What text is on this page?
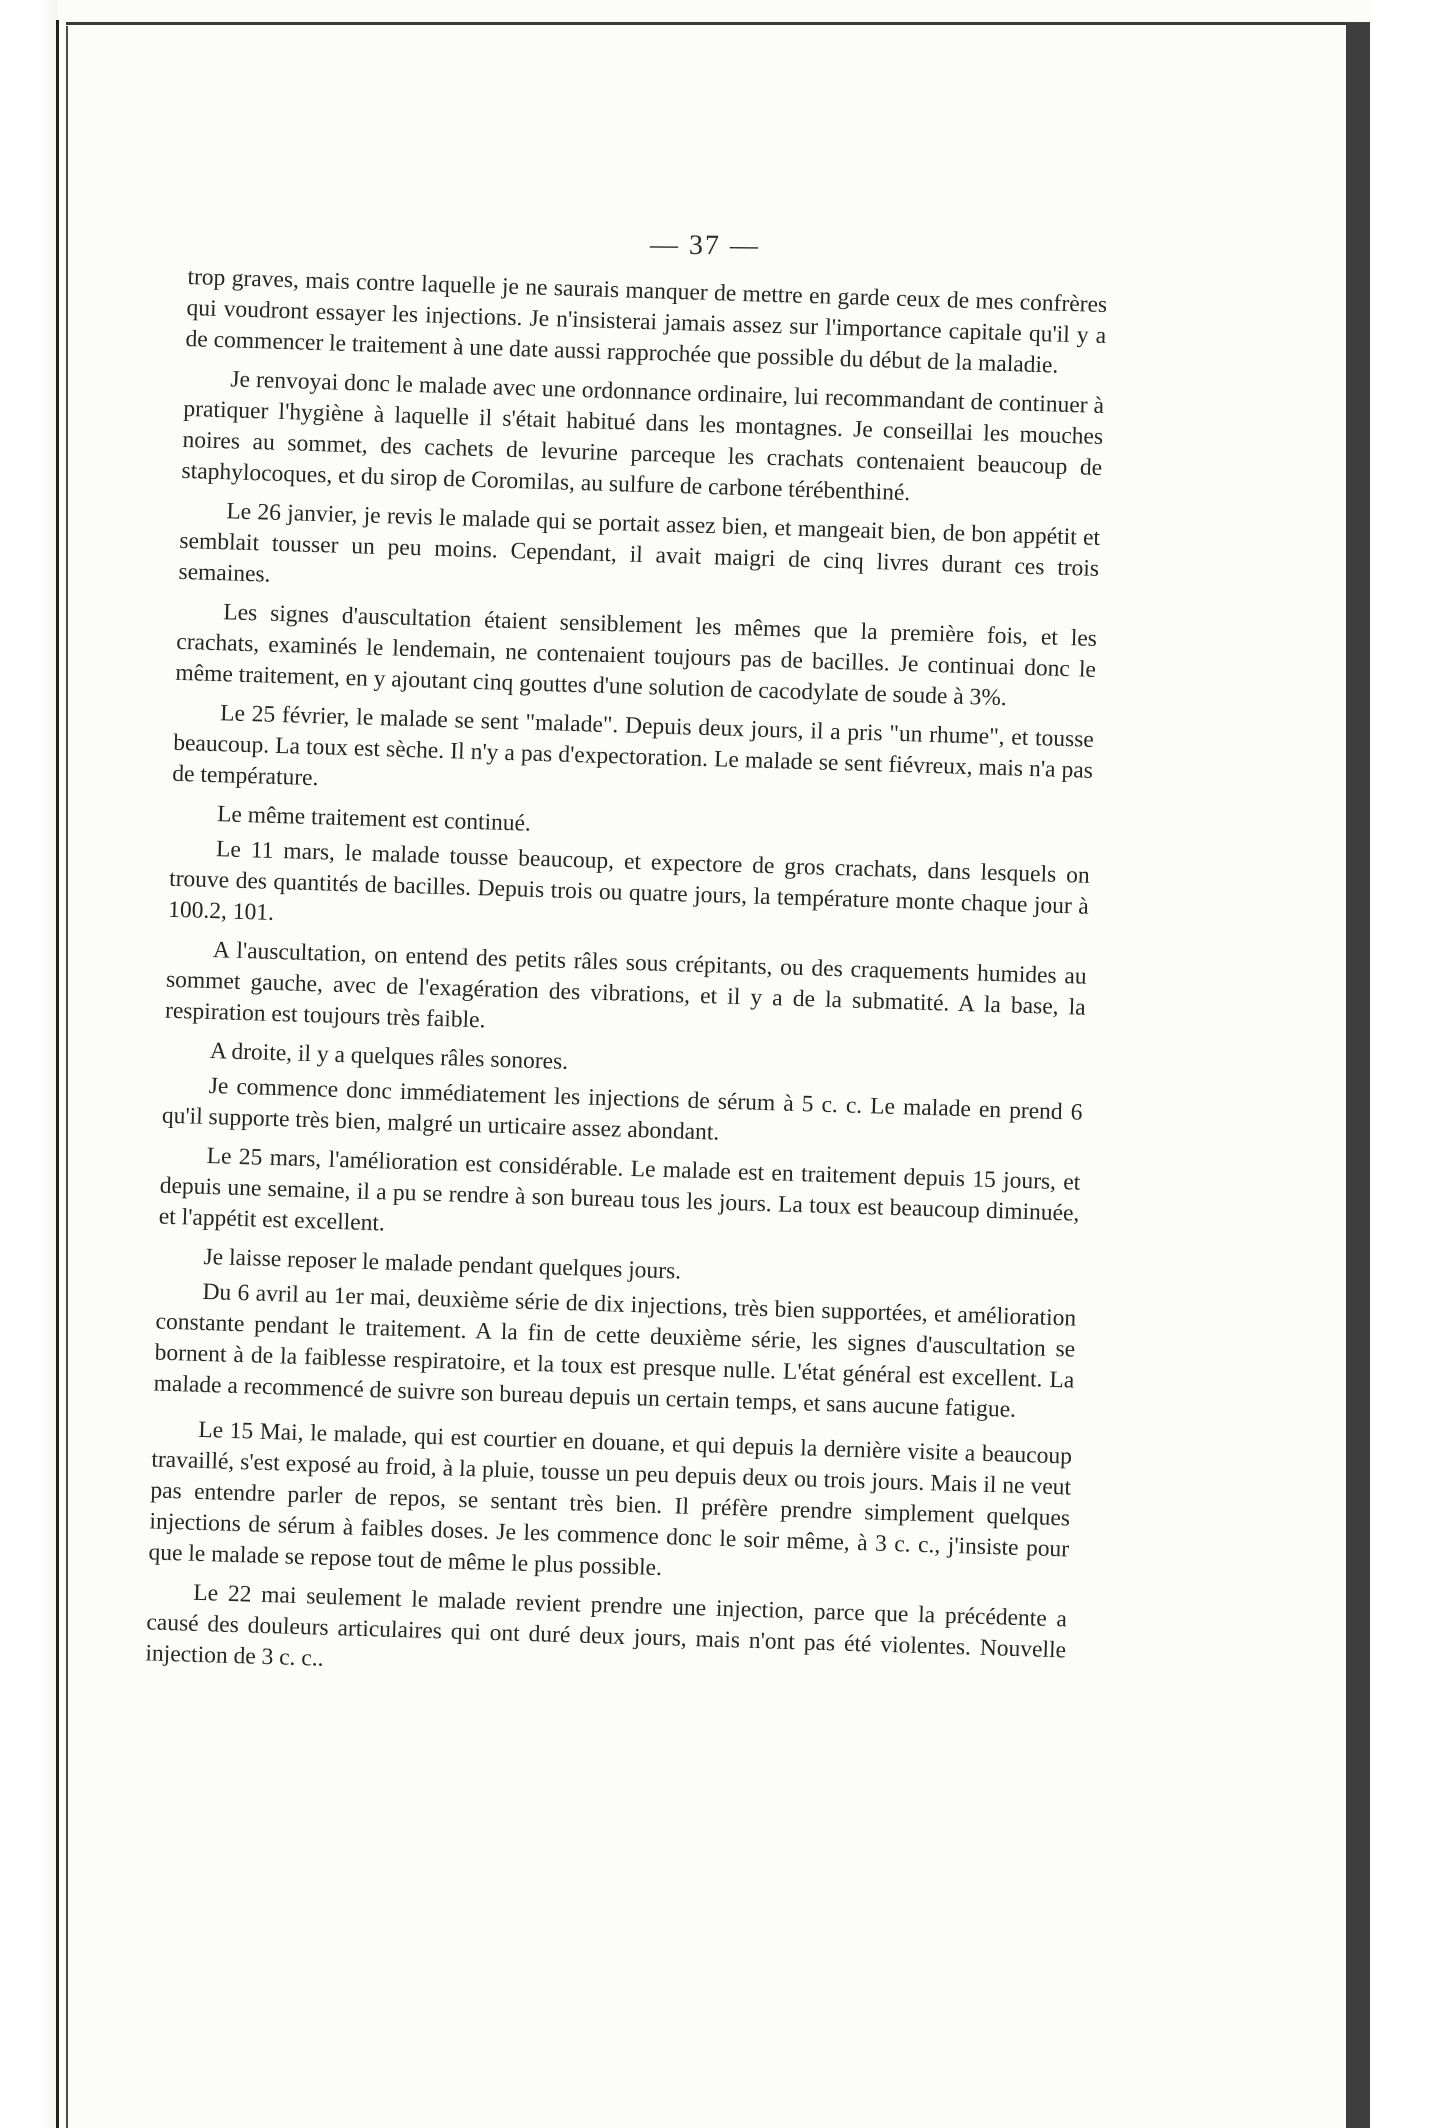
— 37 —

trop graves, mais contre laquelle je ne saurais manquer de mettre en garde ceux de mes confrères qui voudront essayer les injections. Je n'insisterai jamais assez sur l'importance capitale qu'il y a de commencer le traitement à une date aussi rapprochée que possible du début de la maladie.

Je renvoyai donc le malade avec une ordonnance ordinaire, lui recommandant de continuer à pratiquer l'hygiène à laquelle il s'était habitué dans les montagnes. Je conseillai les mouches noires au sommet, des cachets de levurine parceque les crachats contenaient beaucoup de staphylocoques, et du sirop de Coromilas, au sulfure de carbone térébenthiné.

Le 26 janvier, je revis le malade qui se portait assez bien, et mangeait bien, de bon appétit et semblait tousser un peu moins. Cependant, il avait maigri de cinq livres durant ces trois semaines.

Les signes d'auscultation étaient sensiblement les mêmes que la première fois, et les crachats, examinés le lendemain, ne contenaient toujours pas de bacilles. Je continuai donc le même traitement, en y ajoutant cinq gouttes d'une solution de cacodylate de soude à 3%.

Le 25 février, le malade se sent "malade". Depuis deux jours, il a pris "un rhume", et tousse beaucoup. La toux est sèche. Il n'y a pas d'expectoration. Le malade se sent fiévreux, mais n'a pas de température.

Le même traitement est continué.

Le 11 mars, le malade tousse beaucoup, et expectore de gros crachats, dans lesquels on trouve des quantités de bacilles. Depuis trois ou quatre jours, la température monte chaque jour à 100.2, 101.

A l'auscultation, on entend des petits râles sous crépitants, ou des craquements humides au sommet gauche, avec de l'exagération des vibrations, et il y a de la submatité. A la base, la respiration est toujours très faible.

A droite, il y a quelques râles sonores.

Je commence donc immédiatement les injections de sérum à 5 c. c. Le malade en prend 6 qu'il supporte très bien, malgré un urticaire assez abondant.

Le 25 mars, l'amélioration est considérable. Le malade est en traitement depuis 15 jours, et depuis une semaine, il a pu se rendre à son bureau tous les jours. La toux est beaucoup diminuée, et l'appétit est excellent.

Je laisse reposer le malade pendant quelques jours.

Du 6 avril au 1er mai, deuxième série de dix injections, très bien supportées, et amélioration constante pendant le traitement. A la fin de cette deuxième série, les signes d'auscultation se bornent à de la faiblesse respiratoire, et la toux est presque nulle. L'état général est excellent. La malade a recommencé de suivre son bureau depuis un certain temps, et sans aucune fatigue.

Le 15 Mai, le malade, qui est courtier en douane, et qui depuis la dernière visite a beaucoup travaillé, s'est exposé au froid, à la pluie, tousse un peu depuis deux ou trois jours. Mais il ne veut pas entendre parler de repos, se sentant très bien. Il préfère prendre simplement quelques injections de sérum à faibles doses. Je les commence donc le soir même, à 3 c. c., j'insiste pour que le malade se repose tout de même le plus possible.

Le 22 mai seulement le malade revient prendre une injection, parce que la précédente a causé des douleurs articulaires qui ont duré deux jours, mais n'ont pas été violentes. Nouvelle injection de 3 c. c..
